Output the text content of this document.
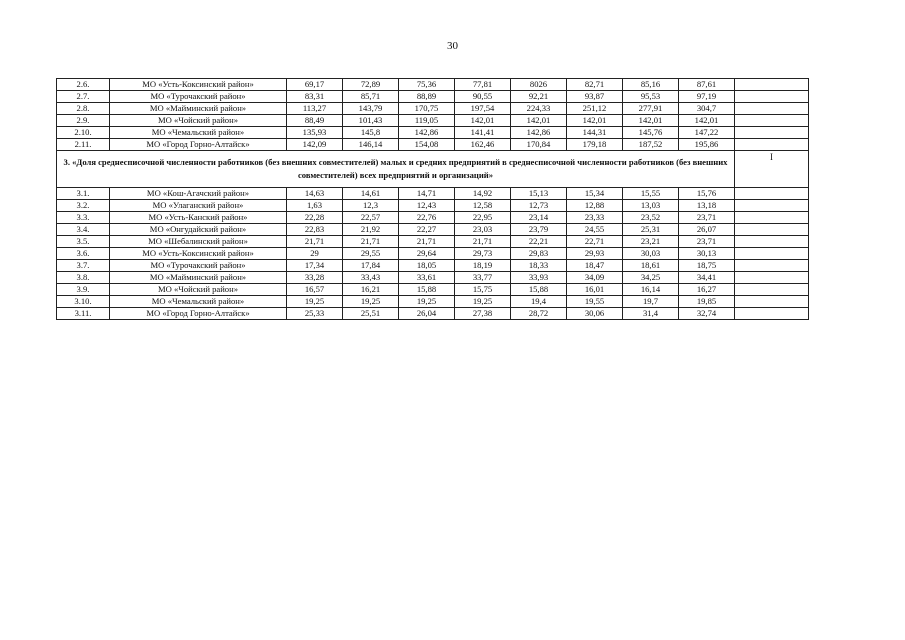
30
2.6.	МО «Усть-Коксинский район»	69,17	72,89	75,36	77,81	8026	82,71	85,16	87,61	
2.7.	МО «Турочакский район»	83,31	85,71	88,89	90,55	92,21	93,87	95,53	97,19	
2.8.	МО «Майминский район»	113,27	143,79	170,75	197,54	224,33	251,12	277,91	304,7	
2.9.	МО «Чойский район»	88,49	101,43	119,05	142,01	142,01	142,01	142,01	142,01	
2.10.	МО «Чемальский район»	135,93	145,8	142,86	141,41	142,86	144,31	145,76	147,22	
2.11.	МО «Город Горно-Алтайск»	142,09	146,14	154,08	162,46	170,84	179,18	187,52	195,86	
3. «Доля среднесписочной численности работников (без внешних совместителей) малых и средних предприятий в среднесписочной численности работников (без внешних совместителей) всех предприятий и организаций»										I

3.1.	МО «Кош-Агачский район»	14,63	14,61	14,71	14,92	15,13	15,34	15,55	15,76	
3.2.	МО «Улаганский район»	1,63	12,3	12,43	12,58	12,73	12,88	13,03	13,18	
3.3.	МО «Усть-Канский район»	22,28	22,57	22,76	22,95	23,14	23,33	23,52	23,71	
3.4.	МО «Онгудайский район»	22,83	21,92	22,27	23,03	23,79	24,55	25,31	26,07	
3.5.	МО «Шебалинский район»	21,71	21,71	21,71	21,71	22,21	22,71	23,21	23,71	
3.6.	МО «Усть-Коксинский район»	29	29,55	29,64	29,73	29,83	29,93	30,03	30,13	
3.7.	МО «Турочакский район»	17,34	17,84	18,05	18,19	18,33	18,47	18,61	18,75	
3.8.	МО «Майминский район»	33,28	33,43	33,61	33,77	33,93	34,09	34,25	34,41	
3.9.	МО «Чойский район»	16,57	16,21	15,88	15,75	15,88	16,01	16,14	16,27	
3.10.	МО «Чемальский район»	19,25	19,25	19,25	19,25	19,4	19,55	19,7	19,85	
3.11.	МО «Город Горно-Алтайск»	25,33	25,51	26,04	27,38	28,72	30,06	31,4	32,74	
